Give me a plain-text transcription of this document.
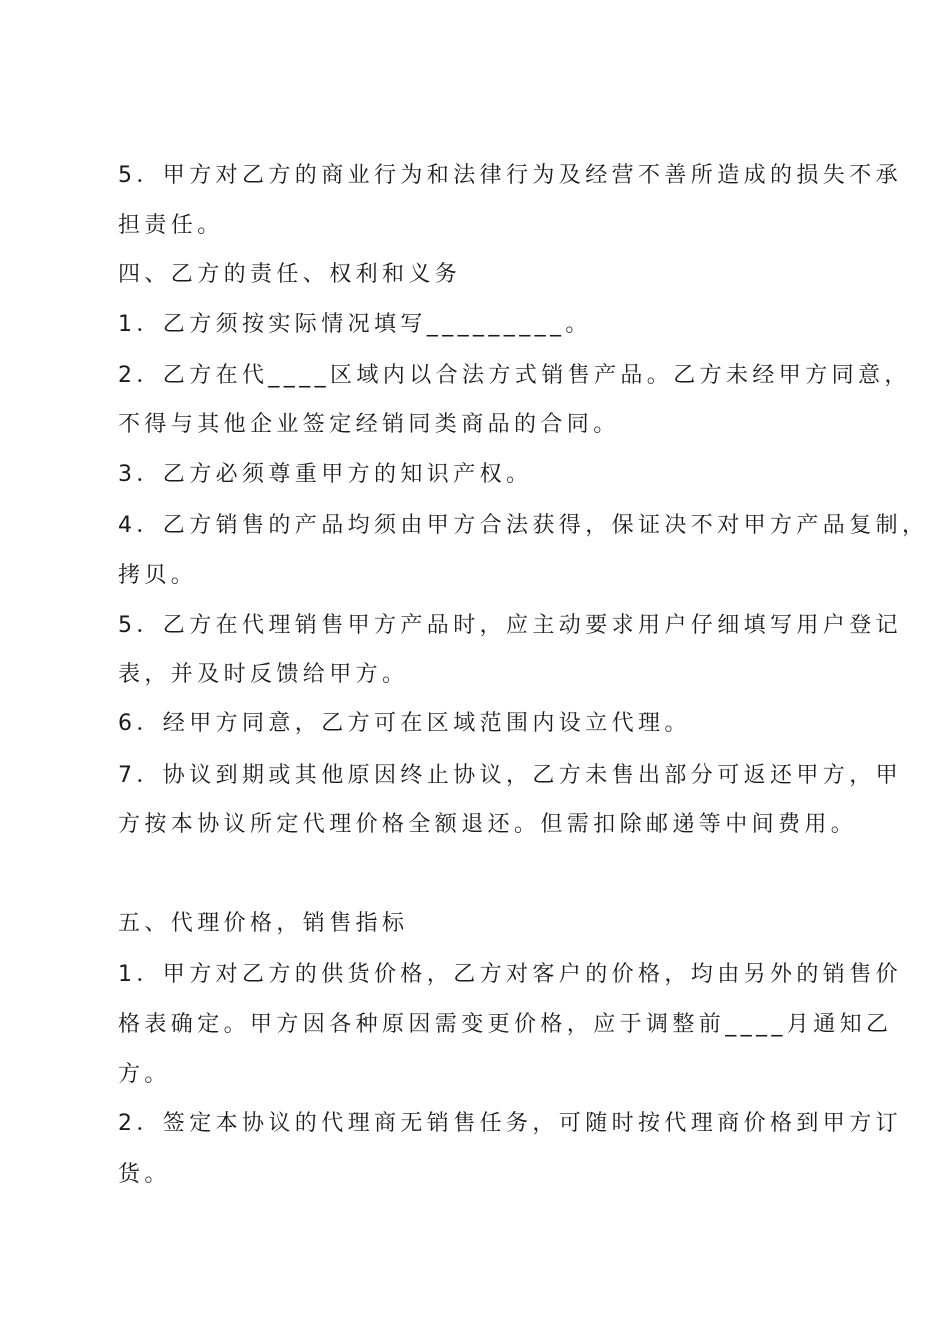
5．甲方对乙方的商业行为和法律行为及经营不善所造成的损失不承
担责任。
四、乙方的责任、权利和义务
1．乙方须按实际情况填写_________。
2．乙方在代____区域内以合法方式销售产品。乙方未经甲方同意，
不得与其他企业签定经销同类商品的合同。
3．乙方必须尊重甲方的知识产权。
4．乙方销售的产品均须由甲方合法获得，保证决不对甲方产品复制，
拷贝。
5．乙方在代理销售甲方产品时，应主动要求用户仔细填写用户登记
表，并及时反馈给甲方。
6．经甲方同意，乙方可在区域范围内设立代理。
7．协议到期或其他原因终止协议，乙方未售出部分可返还甲方，甲
方按本协议所定代理价格全额退还。但需扣除邮递等中间费用。
五、代理价格，销售指标
1．甲方对乙方的供货价格，乙方对客户的价格，均由另外的销售价
格表确定。甲方因各种原因需变更价格，应于调整前____月通知乙
方。
2．签定本协议的代理商无销售任务，可随时按代理商价格到甲方订
货。
